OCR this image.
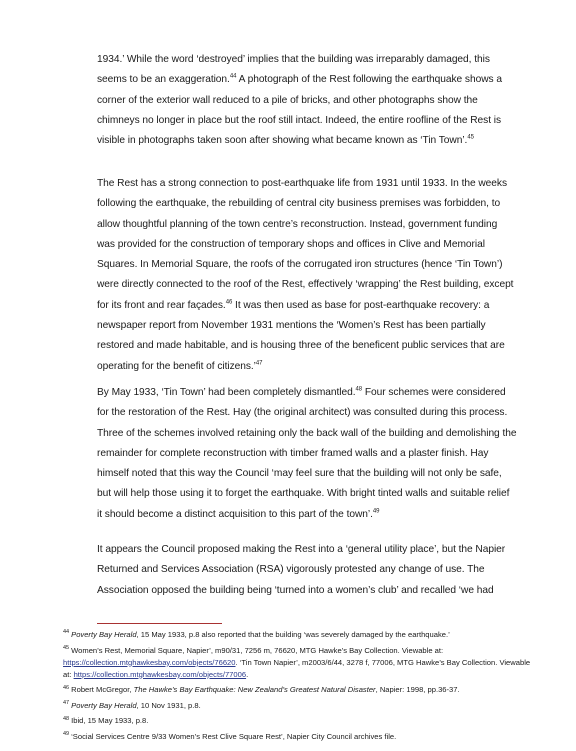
1934.’ While the word ‘destroyed’ implies that the building was irreparably damaged, this seems to be an exaggeration.$^{44}$ A photograph of the Rest following the earthquake shows a corner of the exterior wall reduced to a pile of bricks, and other photographs show the chimneys no longer in place but the roof still intact. Indeed, the entire roofline of the Rest is visible in photographs taken soon after showing what became known as ‘Tin Town’.$^{45}$

The Rest has a strong connection to post-earthquake life from 1931 until 1933. In the weeks following the earthquake, the rebuilding of central city business premises was forbidden, to allow thoughtful planning of the town centre’s reconstruction. Instead, government funding was provided for the construction of temporary shops and offices in Clive and Memorial Squares. In Memorial Square, the roofs of the corrugated iron structures (hence ‘Tin Town’) were directly connected to the roof of the Rest, effectively ‘wrapping’ the Rest building, except for its front and rear façades.$^{46}$ It was then used as base for post-earthquake recovery: a newspaper report from November 1931 mentions the ‘Women’s Rest has been partially restored and made habitable, and is housing three of the beneficent public services that are operating for the benefit of citizens.’$^{47}$

By May 1933, ‘Tin Town’ had been completely dismantled.$^{48}$ Four schemes were considered for the restoration of the Rest. Hay (the original architect) was consulted during this process. Three of the schemes involved retaining only the back wall of the building and demolishing the remainder for complete reconstruction with timber framed walls and a plaster finish. Hay himself noted that this way the Council ‘may feel sure that the building will not only be safe, but will help those using it to forget the earthquake. With bright tinted walls and suitable relief it should become a distinct acquisition to this part of the town’.$^{49}$

It appears the Council proposed making the Rest into a ‘general utility place’, but the Napier Returned and Services Association (RSA) vigorously protested any change of use. The Association opposed the building being ‘turned into a women’s club’ and recalled ‘we had

$^{44}$ Poverty Bay Herald, 15 May 1933, p.8 also reported that the building ‘was severely damaged by the earthquake.’

$^{45}$ Women’s Rest, Memorial Square, Napier’, m90/31, 7256 m, 76620, MTG Hawke’s Bay Collection. Viewable at: https://collection.mtghawkesbay.com/objects/76620. ‘Tin Town Napier’, m2003/6/44, 3278 f, 77006, MTG Hawke’s Bay Collection. Viewable at: https://collection.mtghawkesbay.com/objects/77006.

$^{46}$ Robert McGregor, The Hawke’s Bay Earthquake: New Zealand’s Greatest Natural Disaster, Napier: 1998, pp.36-37.

$^{47}$ Poverty Bay Herald, 10 Nov 1931, p.8.

$^{48}$ Ibid, 15 May 1933, p.8.

$^{49}$ ‘Social Services Centre 9/33 Women’s Rest Clive Square Rest’, Napier City Council archives file.
